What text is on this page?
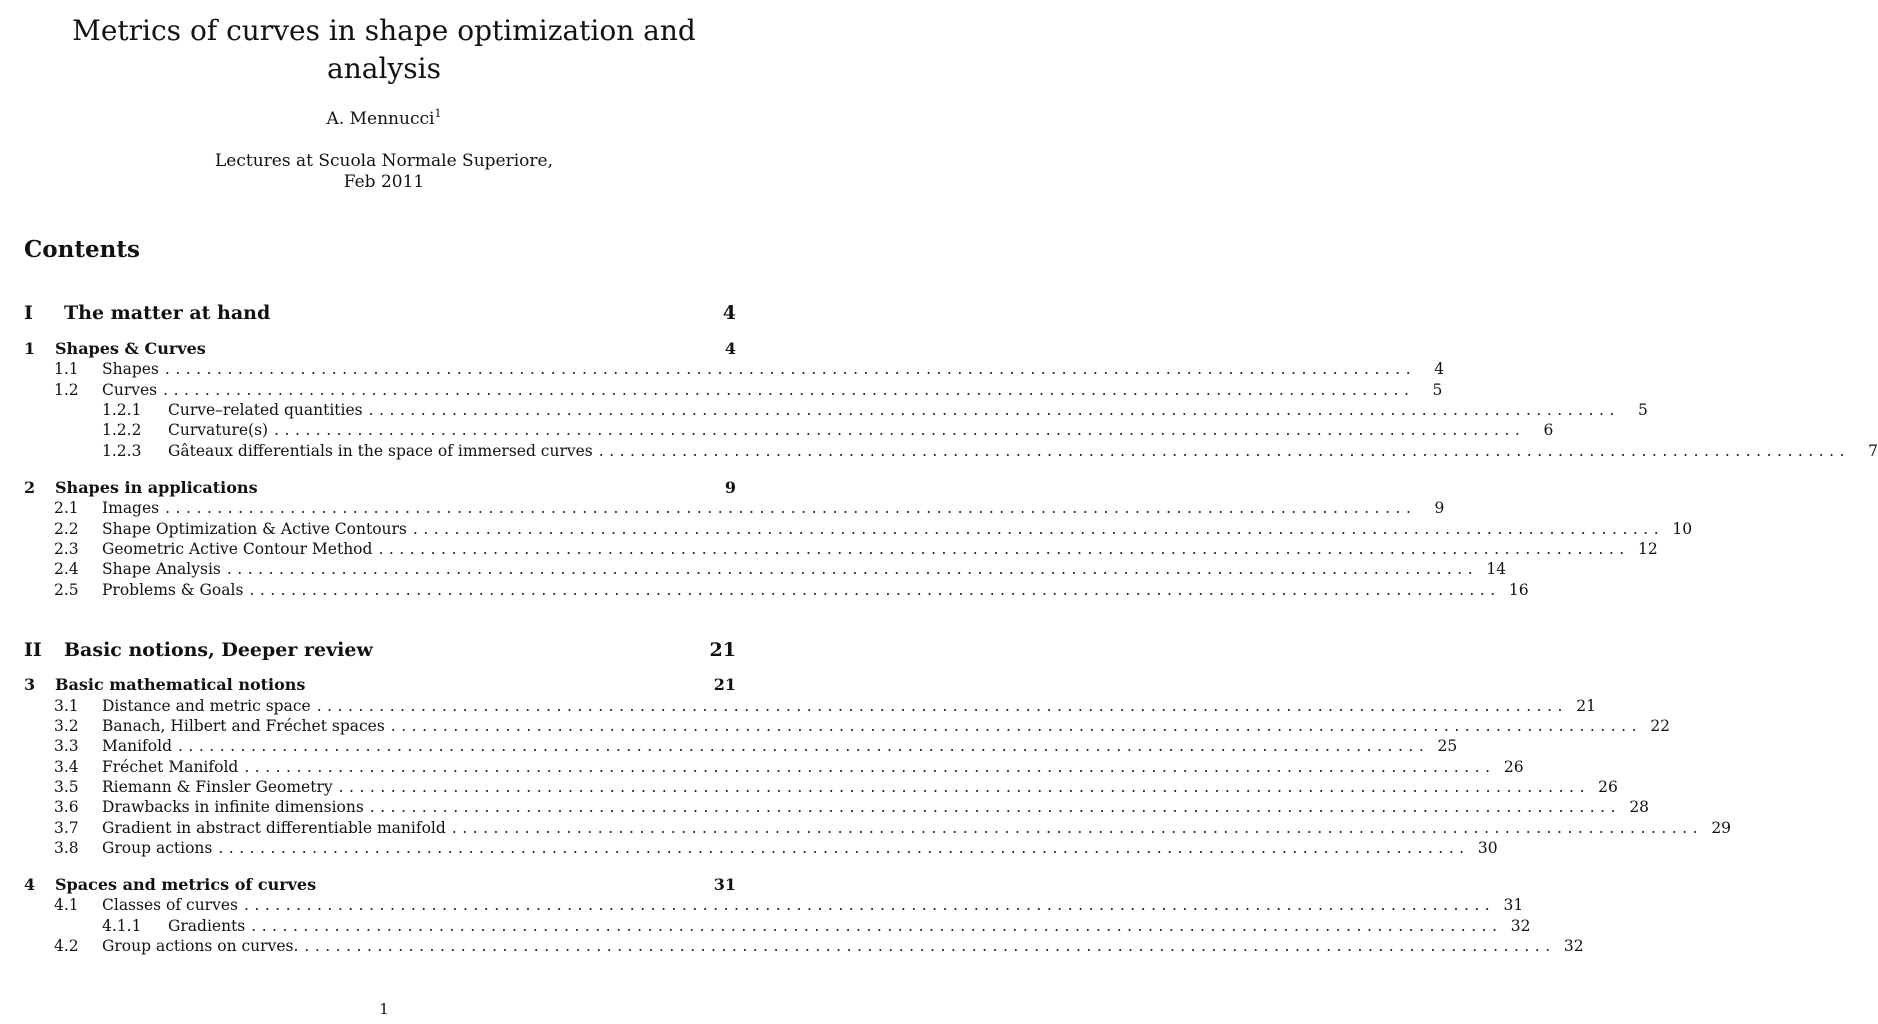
Metrics of curves in shape optimization and analysis
A. Mennucci$^1$
Lectures at Scuola Normale Superiore,
Feb 2011
Contents
I	The matter at hand	4
1	Shapes & Curves	4
1.1	Shapes ........................................................................................................................	4
1.2	Curves ........................................................................................................................	5
1.2.1	Curve–related quantities ........................................................................................................................	5
1.2.2	Curvature(s) ........................................................................................................................	6
1.2.3	Gâteaux differentials in the space of immersed curves ........................................................................................................................	7
2	Shapes in applications	9
2.1	Images ........................................................................................................................	9
2.2	Shape Optimization & Active Contours ........................................................................................................................ 10
2.3	Geometric Active Contour Method ........................................................................................................................ 12
2.4	Shape Analysis ........................................................................................................................ 14
2.5	Problems & Goals ........................................................................................................................ 16
II	Basic notions, Deeper review	21
3	Basic mathematical notions	21
3.1	Distance and metric space ........................................................................................................................ 21
3.2	Banach, Hilbert and Fréchet spaces ........................................................................................................................ 22
3.3	Manifold ........................................................................................................................ 25
3.4	Fréchet Manifold ........................................................................................................................ 26
3.5	Riemann & Finsler Geometry ........................................................................................................................ 26
3.6	Drawbacks in infinite dimensions ........................................................................................................................ 28
3.7	Gradient in abstract differentiable manifold ........................................................................................................................ 29
3.8	Group actions ........................................................................................................................ 30
4	Spaces and metrics of curves	31
4.1	Classes of curves ........................................................................................................................ 31
4.1.1	Gradients ........................................................................................................................ 32
4.2	Group actions on curves. ........................................................................................................................ 32
1
